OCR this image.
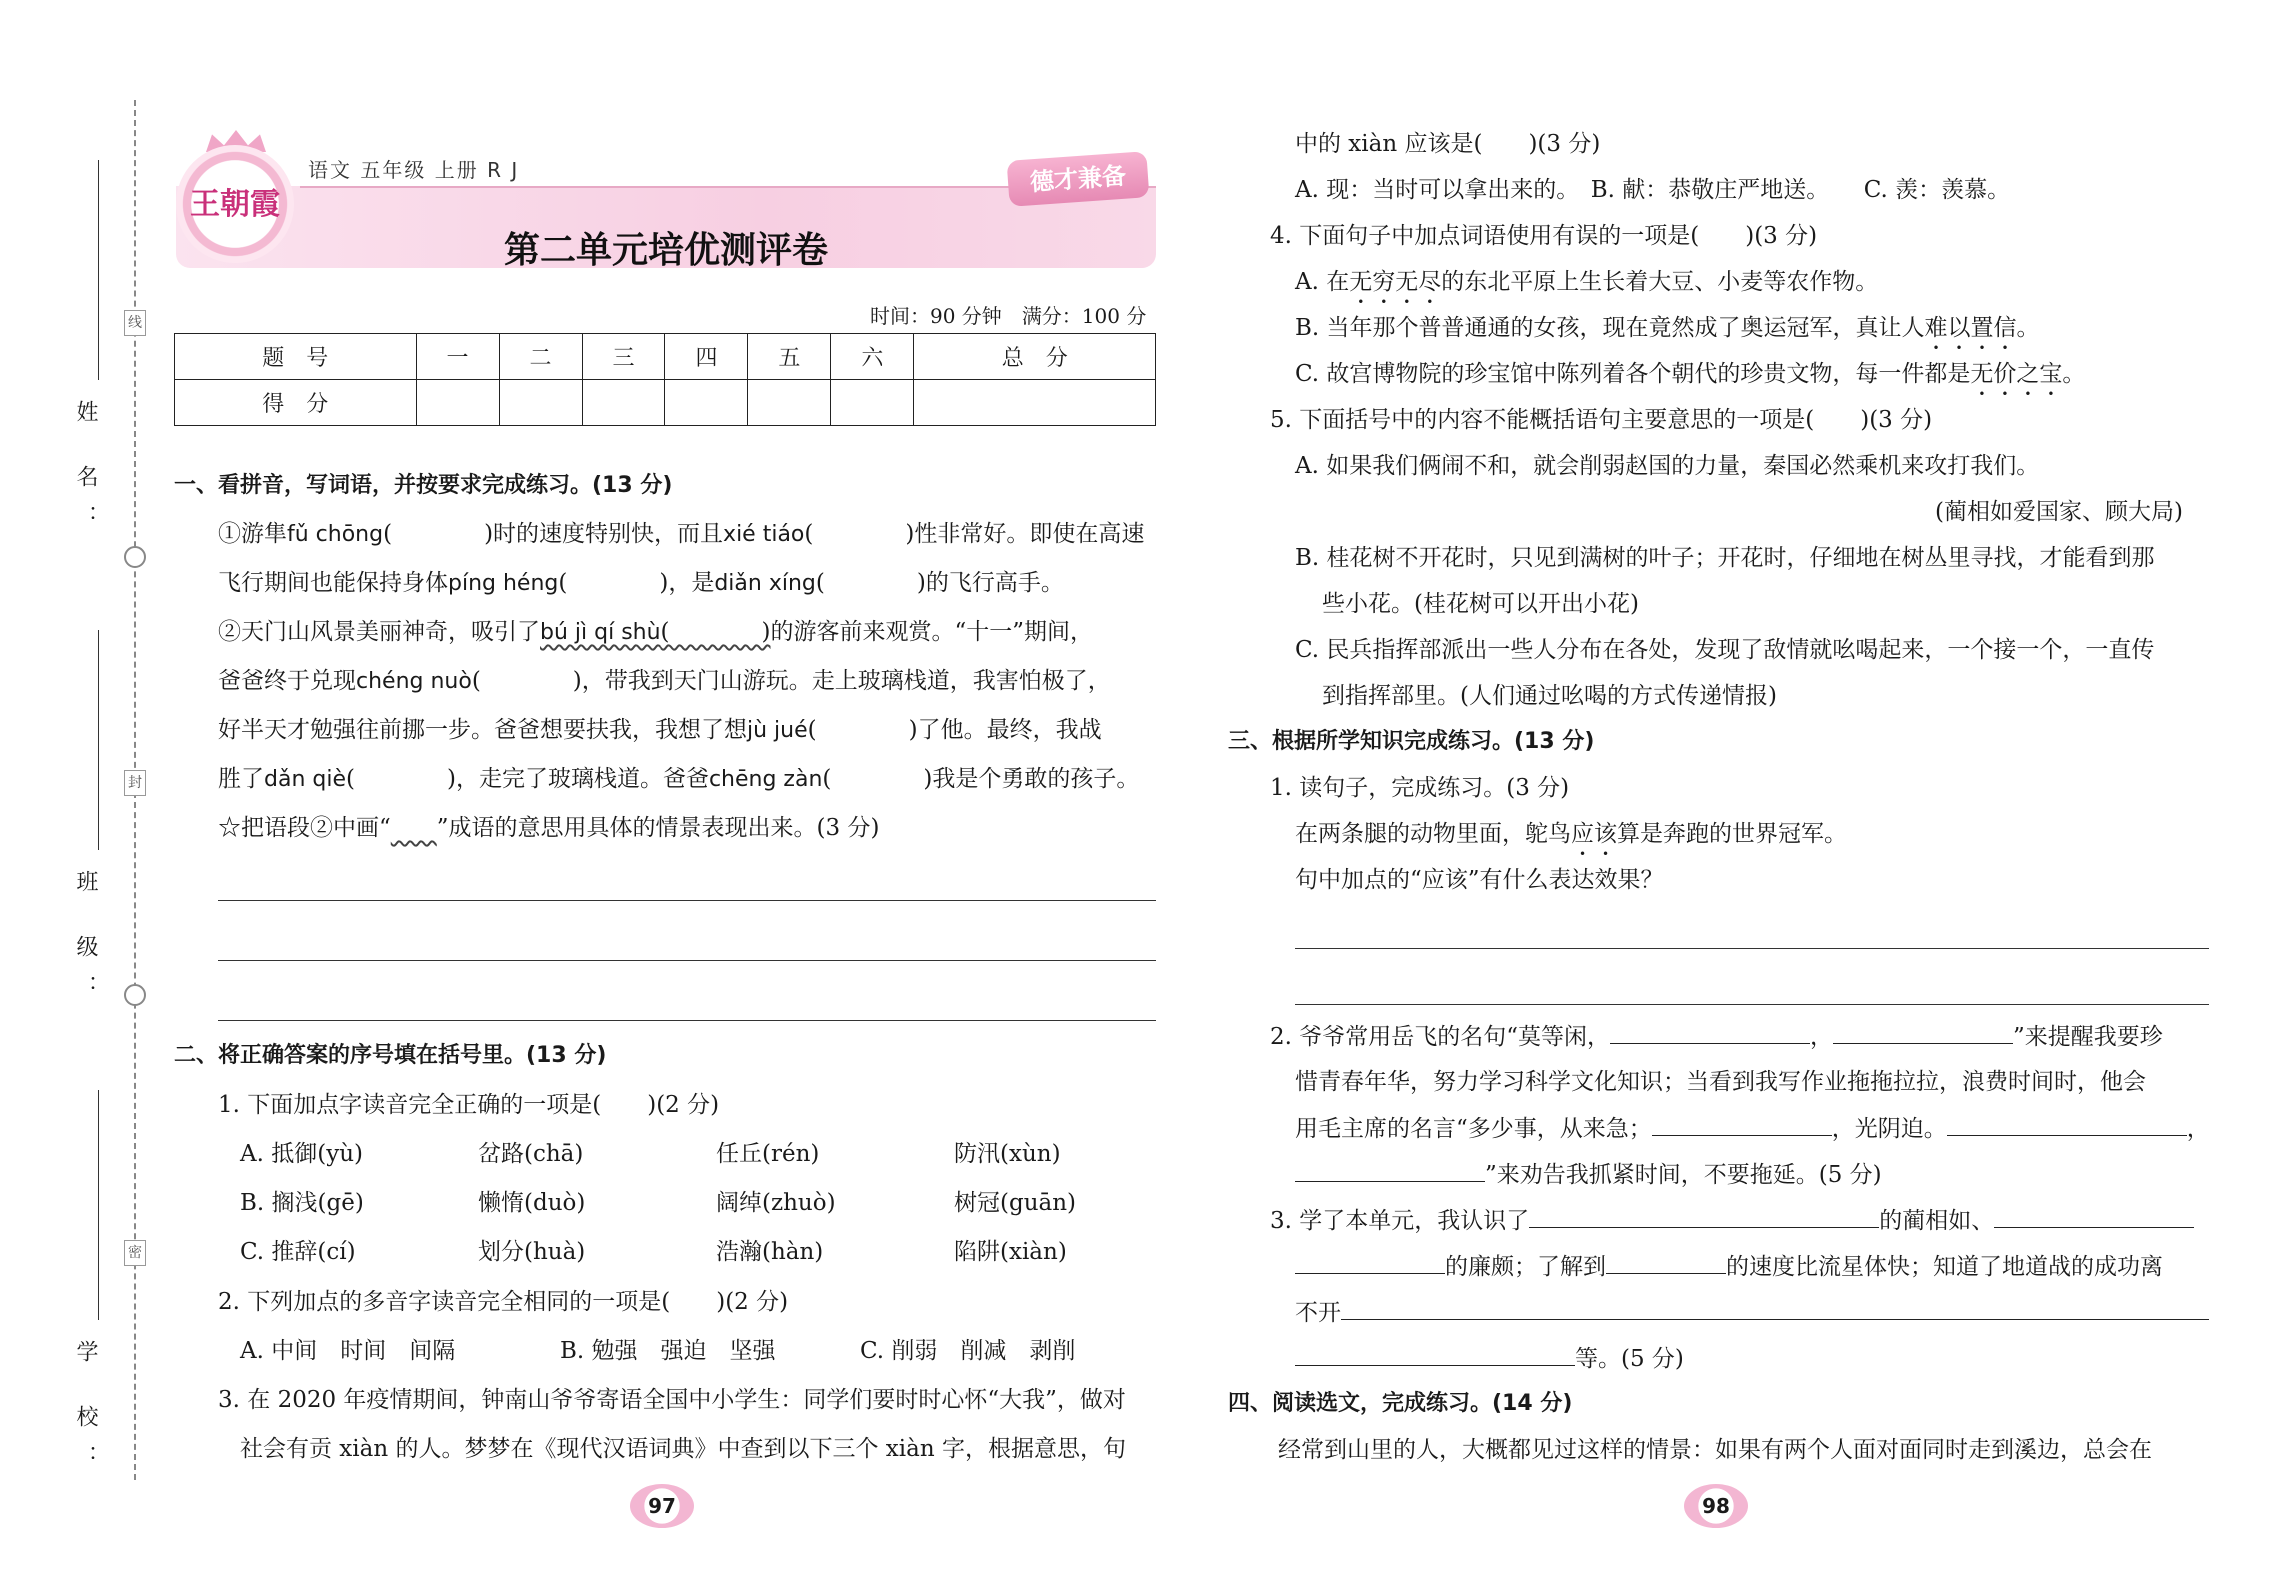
姓 名：
班 级：
学 校：
线
封
密
王朝霞
语文 五年级 上册 R J	德才兼备
第二单元培优测评卷
时间：90 分钟　 满分：100 分
题　号	一	二	三	四	五	六	总　分
得　分							
一、看拼音，写词语，并按要求完成练习。(13 分)
①游隼fǔ chōng(　　　　)时的速度特别快，而且xié tiáo(　　　　)性非常好。即使在高速
飞行期间也能保持身体píng héng(　　　　)，是diǎn xíng(　　　　)的飞行高手。
②天门山风景美丽神奇，吸引了bú jì qí shù(　　　　)的游客前来观赏。“十一”期间，
爸爸终于兑现chéng nuò(　　　　)，带我到天门山游玩。走上玻璃栈道，我害怕极了，
好半天才勉强往前挪一步。爸爸想要扶我，我想了想jù jué(　　　　)了他。最终，我战
胜了dǎn qiè(　　　　)，走完了玻璃栈道。爸爸chēng zàn(　　　　)我是个勇敢的孩子。
☆把语段②中画“　　 ”成语的意思用具体的情景表现出来。(3 分)
二、将正确答案的序号填在括号里。(13 分)
1. 下面加点字读音完全正确的一项是(　　)(2 分)
A. 抵御(yù)	岔路(chā)	任丘(rén)	防汛(xùn)
B. 搁浅(gē)	懒惰(duò)	阔绰(zhuò)	树冠(guān)
C. 推辞(cí)	划分(huà)	浩瀚(hàn)	陷阱(xiàn)
2. 下列加点的多音字读音完全相同的一项是(　　)(2 分)
A. 中间　时间　间隔	B. 勉强　强迫　坚强	C. 削弱　削减　剥削
3. 在 2020 年疫情期间，钟南山爷爷寄语全国中小学生：同学们要时时心怀“大我”，做对
社会有贡 xiàn 的人。梦梦在《现代汉语词典》中查到以下三个 xiàn 字，根据意思，句
97
中的 xiàn 应该是(　　)(3 分)
A. 现：当时可以拿出来的。　B. 献：恭敬庄严地送。　　C. 羡：羡慕。
4. 下面句子中加点词语使用有误的一项是(　　)(3 分)
A. 在无穷无尽的东北平原上生长着大豆、小麦等农作物。
B. 当年那个普普通通的女孩，现在竟然成了奥运冠军，真让人难以置信。
C. 故宫博物院的珍宝馆中陈列着各个朝代的珍贵文物，每一件都是无价之宝。
5. 下面括号中的内容不能概括语句主要意思的一项是(　　)(3 分)
A. 如果我们俩闹不和，就会削弱赵国的力量，秦国必然乘机来攻打我们。
(蔺相如爱国家、顾大局)
B. 桂花树不开花时，只见到满树的叶子；开花时，仔细地在树丛里寻找，才能看到那
些小花。(桂花树可以开出小花)
C. 民兵指挥部派出一些人分布在各处，发现了敌情就吆喝起来，一个接一个，一直传
到指挥部里。(人们通过吆喝的方式传递情报)
三、根据所学知识完成练习。(13 分)
1. 读句子，完成练习。(3 分)
在两条腿的动物里面，鸵鸟应该算是奔跑的世界冠军。
句中加点的“应该”有什么表达效果？
2. 爷爷常用岳飞的名句“莫等闲，	，	”来提醒我要珍
惜青春年华，努力学习科学文化知识；当看到我写作业拖拖拉拉，浪费时间时，他会
用毛主席的名言“多少事，从来急；	，光阴迫。	，
”来劝告我抓紧时间，不要拖延。(5 分)
3. 学了本单元，我认识了	的蔺相如、
的廉颇；了解到	的速度比流星体快；知道了地道战的成功离
不开
等。(5 分)
四、阅读选文，完成练习。(14 分)
经常到山里的人，大概都见过这样的情景：如果有两个人面对面同时走到溪边，总会在
98
